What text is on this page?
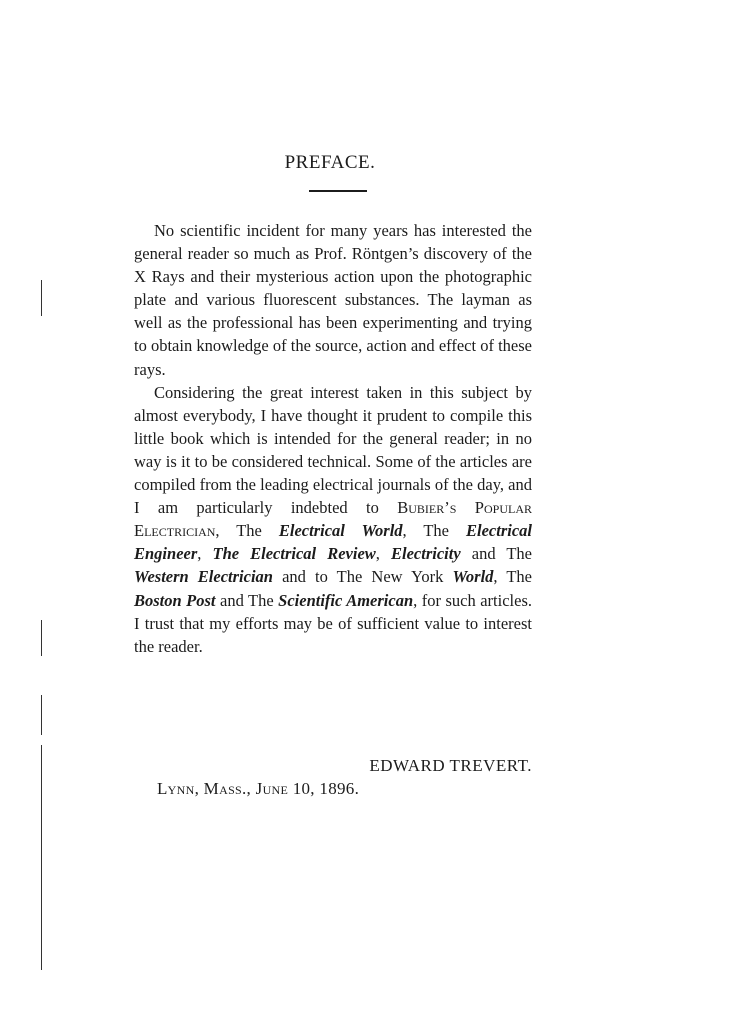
PREFACE.

No scientific incident for many years has interested the general reader so much as Prof. Röntgen’s discovery of the X Rays and their mysterious action upon the photographic plate and various fluorescent substances. The layman as well as the professional has been experimenting and trying to obtain knowledge of the source, action and effect of these rays.

Considering the great interest taken in this subject by almost everybody, I have thought it prudent to compile this little book which is intended for the general reader; in no way is it to be considered technical. Some of the articles are compiled from the leading electrical journals of the day, and I am particularly indebted to Bubier’s Popular Electrician, The Electrical World, The Electrical Engineer, The Electrical Review, Electricity and The Western Electrician and to The New York World, The Boston Post and The Scientific American, for such articles. I trust that my efforts may be of sufficient value to interest the reader.

EDWARD TREVERT.
Lynn, Mass., June 10, 1896.
